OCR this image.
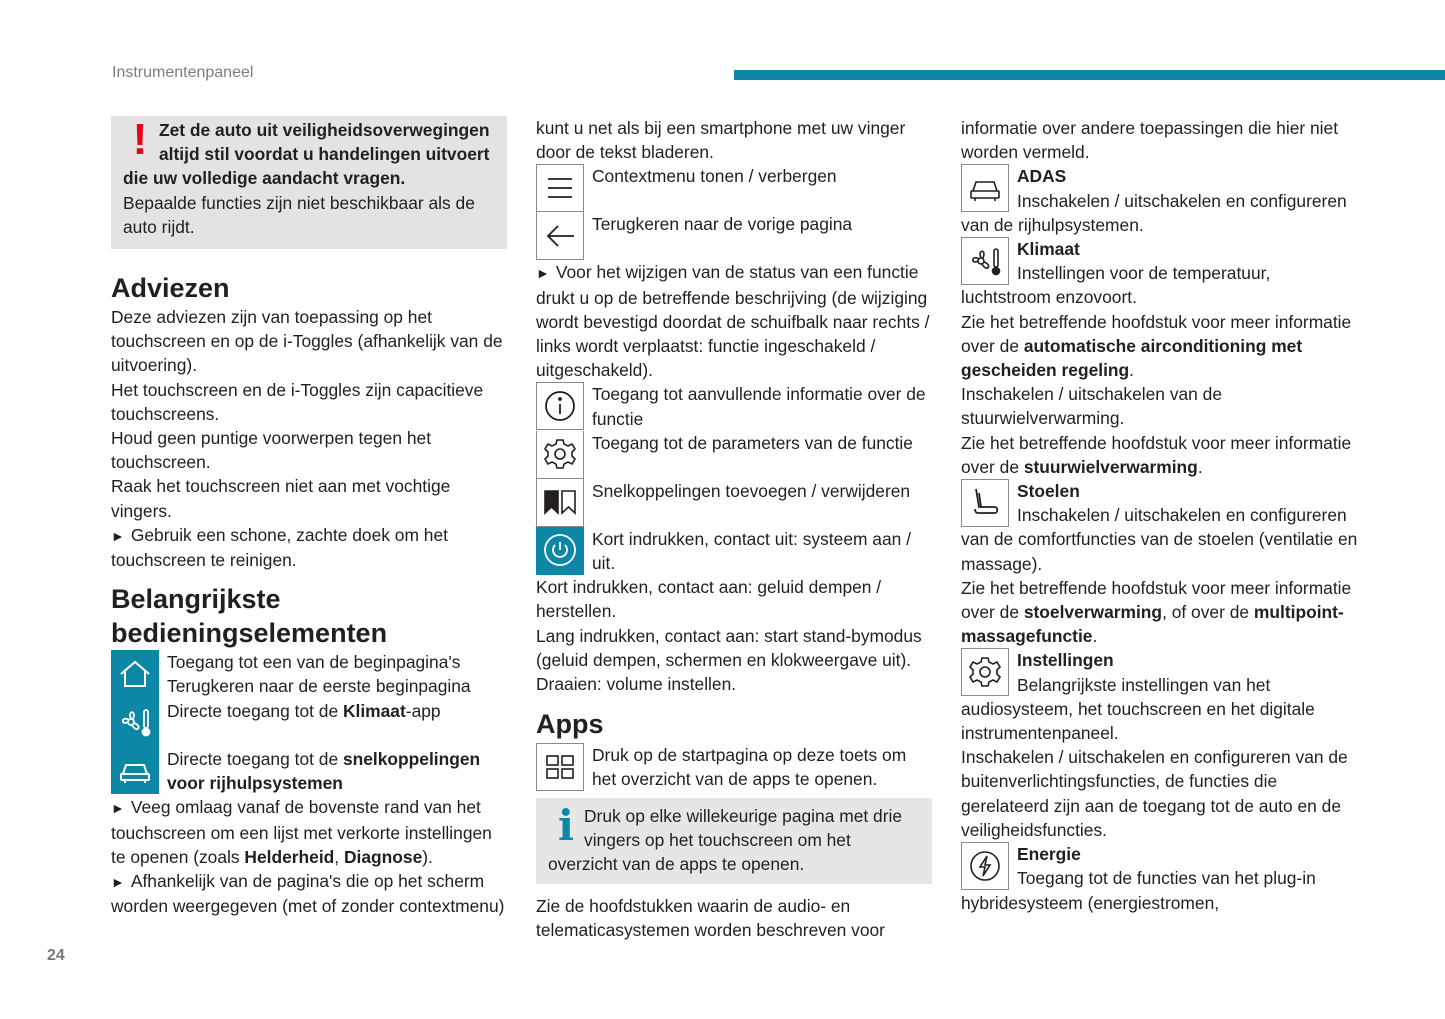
Instrumentenpaneel
! Zet de auto uit veiligheidsoverwegingen altijd stil voordat u handelingen uitvoert die uw volledige aandacht vragen.

Bepaalde functies zijn niet beschikbaar als de auto rijdt.

Adviezen

Deze adviezen zijn van toepassing op het touchscreen en op de i-Toggles (afhankelijk van de uitvoering).

Het touchscreen en de i-Toggles zijn capacitieve touchscreens.

Houd geen puntige voorwerpen tegen het touchscreen.

Raak het touchscreen niet aan met vochtige vingers.

► Gebruik een schone, zachte doek om het touchscreen te reinigen.

Belangrijkste
bedieningselementen

Toegang tot een van de beginpagina's

Terugkeren naar de eerste beginpagina

Directe toegang tot de Klimaat-app

Directe toegang tot de snelkoppelingen voor rijhulpsystemen

► Veeg omlaag vanaf de bovenste rand van het touchscreen om een lijst met verkorte instellingen te openen (zoals Helderheid, Diagnose).

► Afhankelijk van de pagina's die op het scherm worden weergegeven (met of zonder contextmenu)

kunt u net als bij een smartphone met uw vinger door de tekst bladeren.

Contextmenu tonen / verbergen
Terugkeren naar de vorige pagina

► Voor het wijzigen van de status van een functie drukt u op de betreffende beschrijving (de wijziging wordt bevestigd doordat de schuifbalk naar rechts / links wordt verplaatst: functie ingeschakeld / uitgeschakeld).

Toegang tot aanvullende informatie over de functie
Toegang tot de parameters van de functie
Snelkoppelingen toevoegen / verwijderen

Kort indrukken, contact uit: systeem aan / uit.

Kort indrukken, contact aan: geluid dempen / herstellen.

Lang indrukken, contact aan: start stand-bymodus (geluid dempen, schermen en klokweergave uit).

Draaien: volume instellen.

Apps
Druk op de startpagina op deze toets om het overzicht van de apps te openen.
i Druk op elke willekeurige pagina met drie vingers op het touchscreen om het overzicht van de apps te openen.

Zie de hoofdstukken waarin de audio- en telematicasystemen worden beschreven voor

informatie over andere toepassingen die hier niet worden vermeld.

ADAS

Inschakelen / uitschakelen en configureren van de rijhulpsystemen.

Klimaat

Instellingen voor de temperatuur, luchtstroom enzovoort.

Zie het betreffende hoofdstuk voor meer informatie over de automatische airconditioning met gescheiden regeling.

Inschakelen / uitschakelen van de stuurwielverwarming.

Zie het betreffende hoofdstuk voor meer informatie over de stuurwielverwarming.

Stoelen

Inschakelen / uitschakelen en configureren van de comfortfuncties van de stoelen (ventilatie en massage).

Zie het betreffende hoofdstuk voor meer informatie over de stoelverwarming, of over de multipoint-massagefunctie.

Instellingen

Belangrijkste instellingen van het audiosysteem, het touchscreen en het digitale instrumentenpaneel.

Inschakelen / uitschakelen en configureren van de buitenverlichtingsfuncties, de functies die gerelateerd zijn aan de toegang tot de auto en de veiligheidsfuncties.

Energie

Toegang tot de functies van het plug-in hybridesysteem (energiestromen,

24
